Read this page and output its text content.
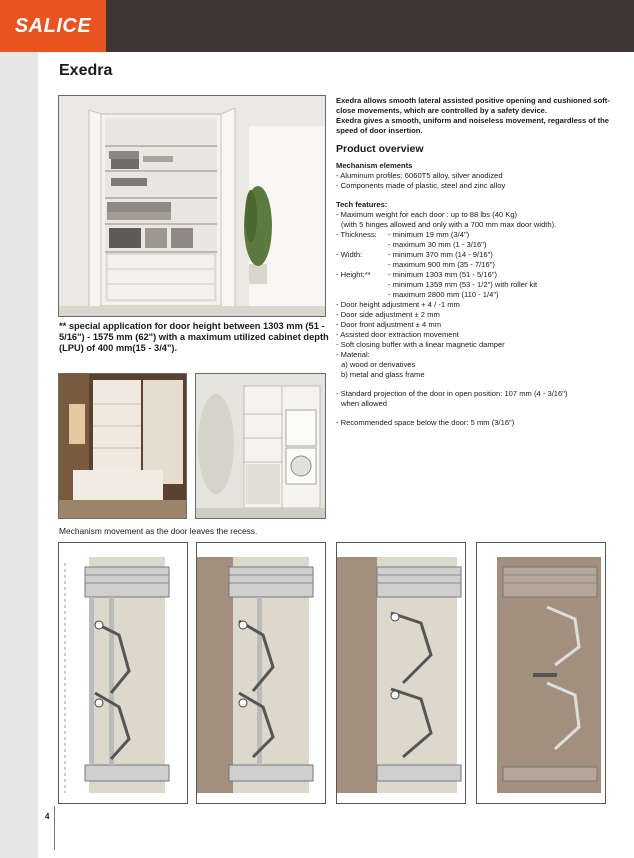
SALICE
Exedra
** special application for door height between 1303 mm (51 - 5/16") - 1575 mm (62") with a maximum utilized cabinet depth (LPU) of 400 mm(15 - 3/4").
Exedra allows smooth lateral assisted positive opening and cushioned soft-close movements, which are controlled by a safety device.
Exedra gives a smooth, uniform and noiseless movement, regardless of the speed of door insertion.
Product overview
Mechanism elements
- Aluminum profiles: 6060T5 alloy, silver anodized
- Components made of plastic, steel and zinc alloy
Tech features:
- Maximum weight for each door : up to 88 lbs (40 Kg)
(with 5 hinges allowed and only with a 700 mm max door width).
- Thickness:	- minimum 19 mm (3/4")
- maximum 30 mm (1 - 3/16")
- Width:	- minimum 370 mm (14 - 9/16")
- maximum 900 mm (35 - 7/16")
- Height:**	- minimum 1303 mm (51 - 5/16")
- minimum 1359 mm (53 - 1/2") with roller kit
- maximum 2800 mm (110 - 1/4")
- Door height adjustment + 4 / -1 mm
- Door side adjustment ± 2 mm
- Door front adjustment ± 4 mm
- Assisted door extraction movement
- Soft closing buffer with a linear magnetic damper
- Material:
a) wood or derivatives
b) metal and glass frame
- Standard projection of the door in open position: 107 mm (4 - 3/16")
when allowed
- Recommended space below the door: 5 mm (3/16")
Mechanism movement as the door leaves the recess.
4
